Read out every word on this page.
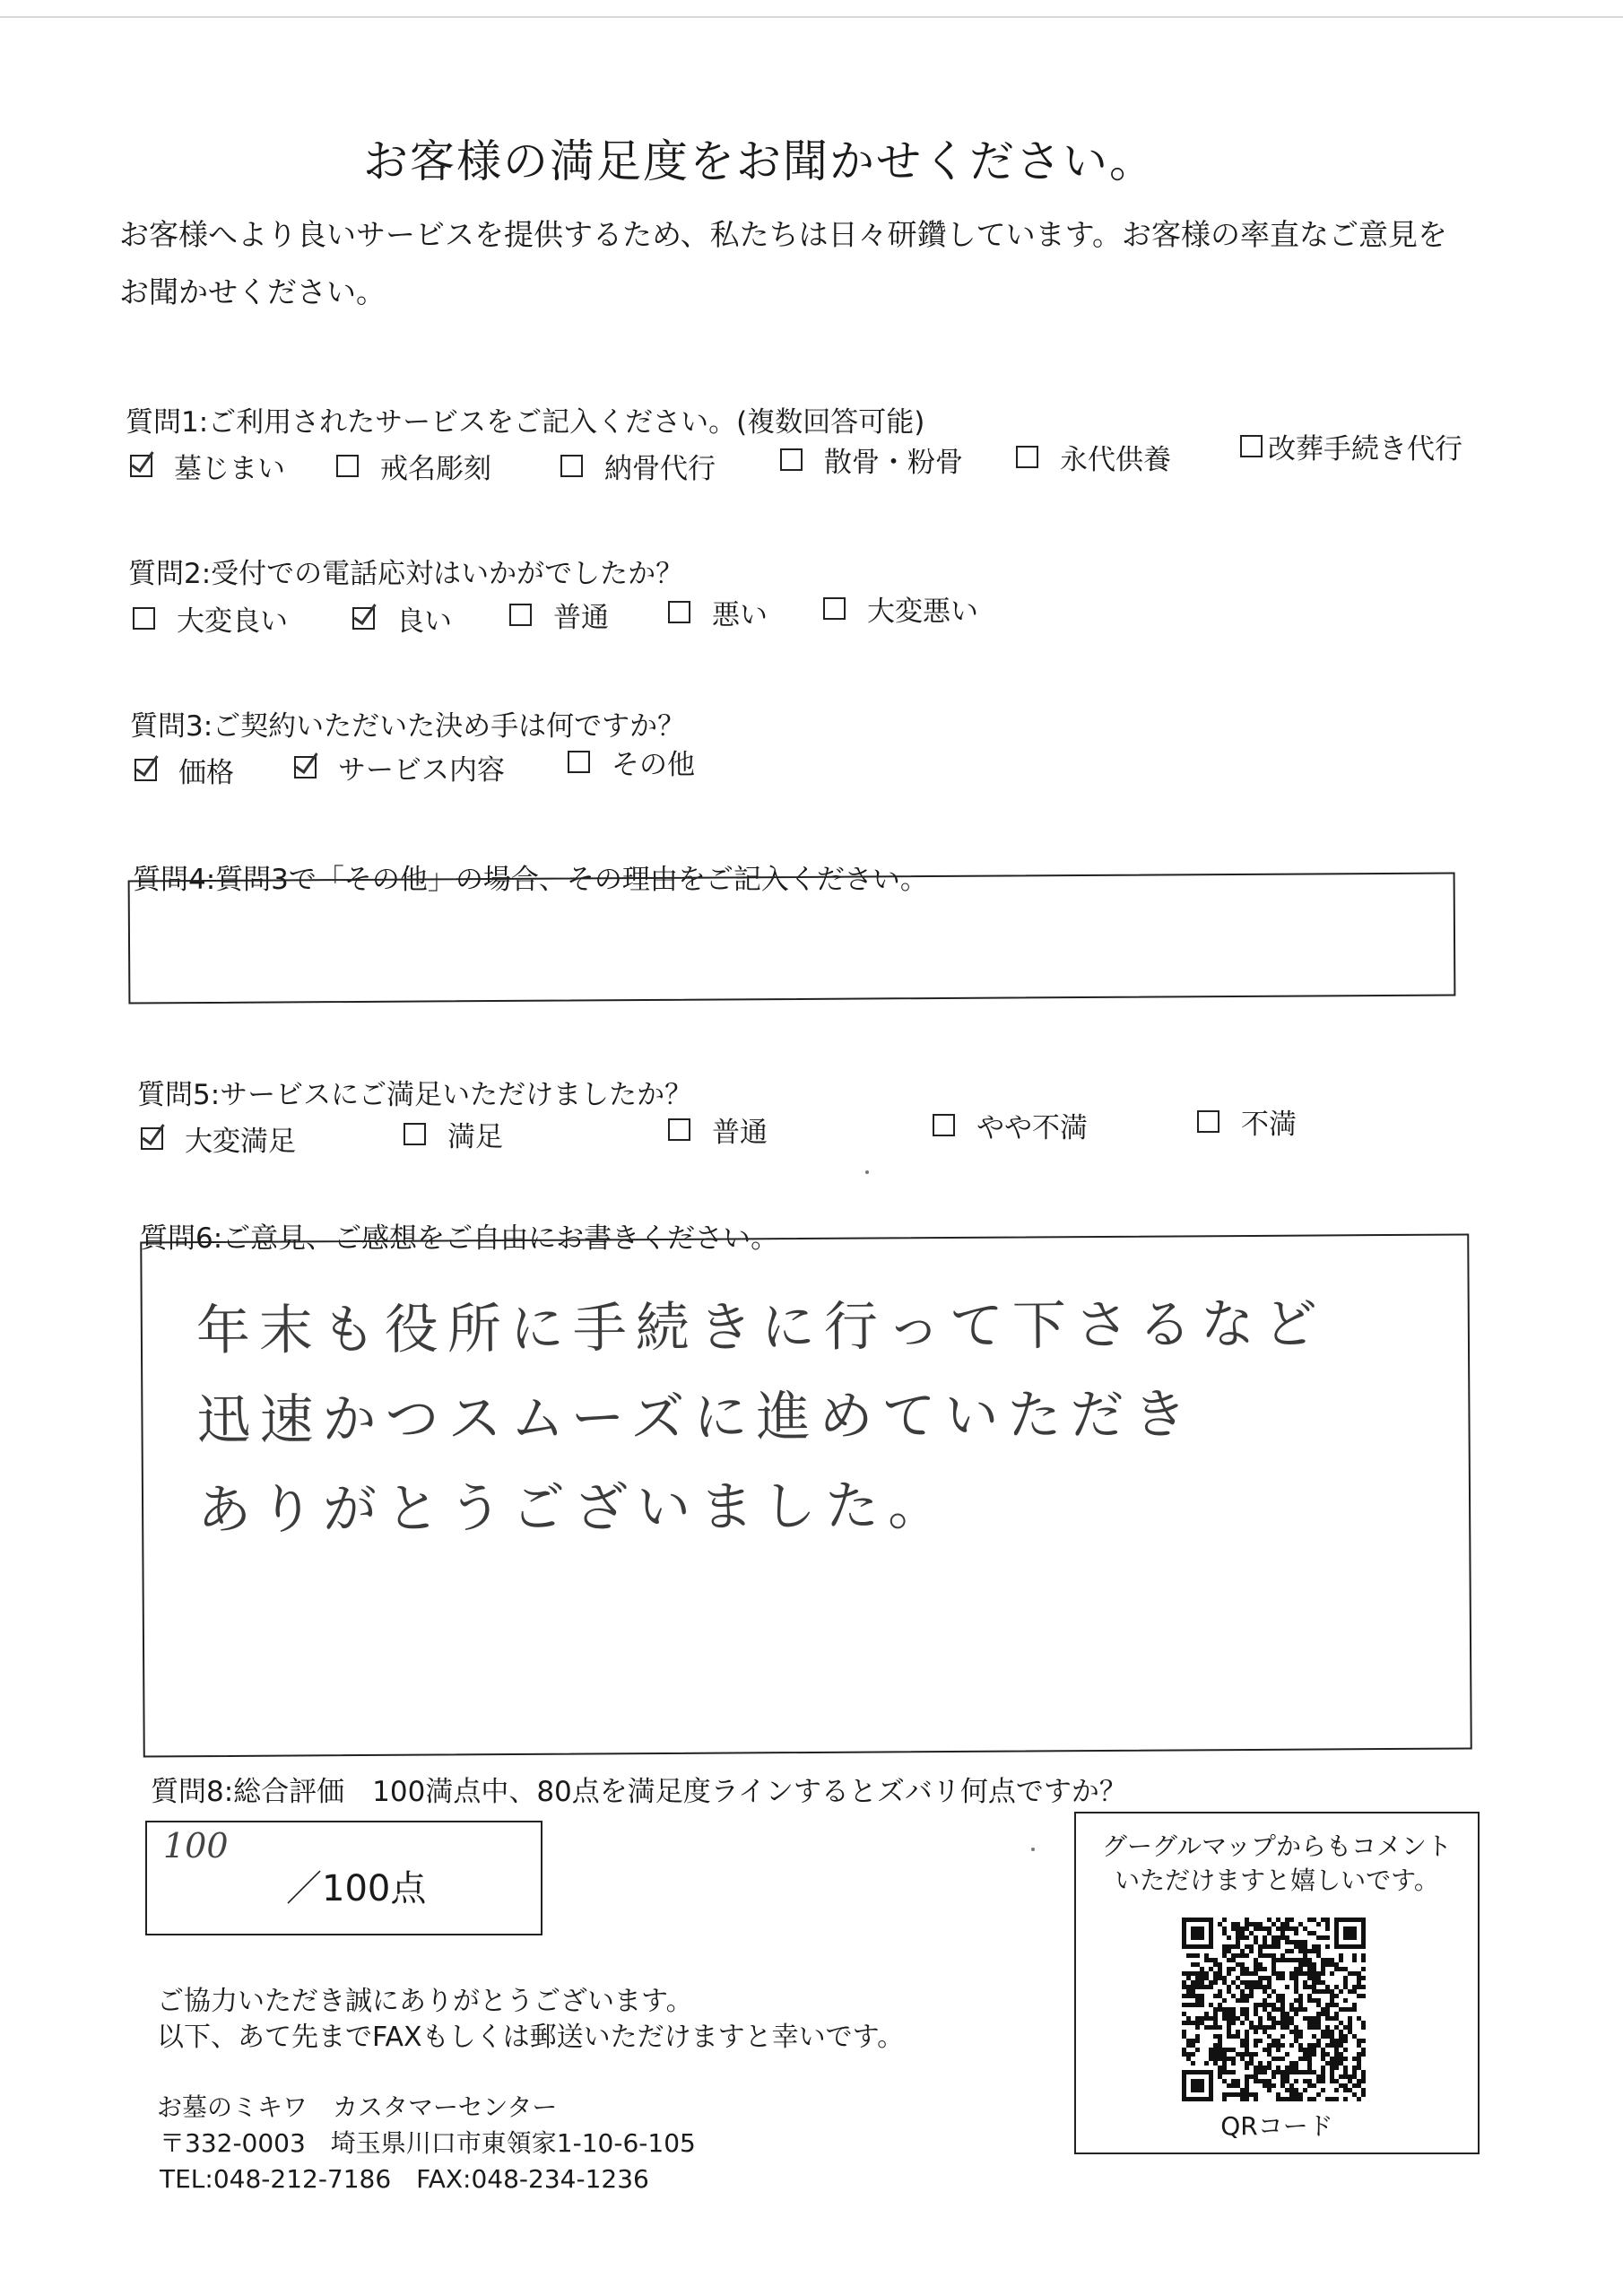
お客様の満足度をお聞かせください。
お客様へより良いサービスを提供するため、私たちは日々研鑽しています。お客様の率直なご意見を
お聞かせください。
質問1:ご利用されたサービスをご記入ください。(複数回答可能)
墓じまい	戒名彫刻	納骨代行	散骨・粉骨	永代供養	改葬手続き代行
質問2:受付での電話応対はいかがでしたか？
大変良い	良い	普通	悪い	大変悪い
質問3:ご契約いただいた決め手は何ですか？
価格	サービス内容	その他
質問4:質問3で「その他」の場合、その理由をご記入ください。
質問5:サービスにご満足いただけましたか？
大変満足	満足	普通	やや不満	不満
質問6:ご意見、ご感想をご自由にお書きください。
年末も役所に手続きに行って下さるなど
迅速かつスムーズに進めていただき
ありがとうございました。
質問8:総合評価　100満点中、80点を満足度ラインするとズバリ何点ですか？
100
／100点
グーグルマップからもコメント
いただけますと嬉しいです。
QRコード
ご協力いただき誠にありがとうございます。
以下、あて先までFAXもしくは郵送いただけますと幸いです。
お墓のミキワ　カスタマーセンター
〒332-0003　埼玉県川口市東領家1-10-6-105
TEL:048-212-7186　FAX:048-234-1236
